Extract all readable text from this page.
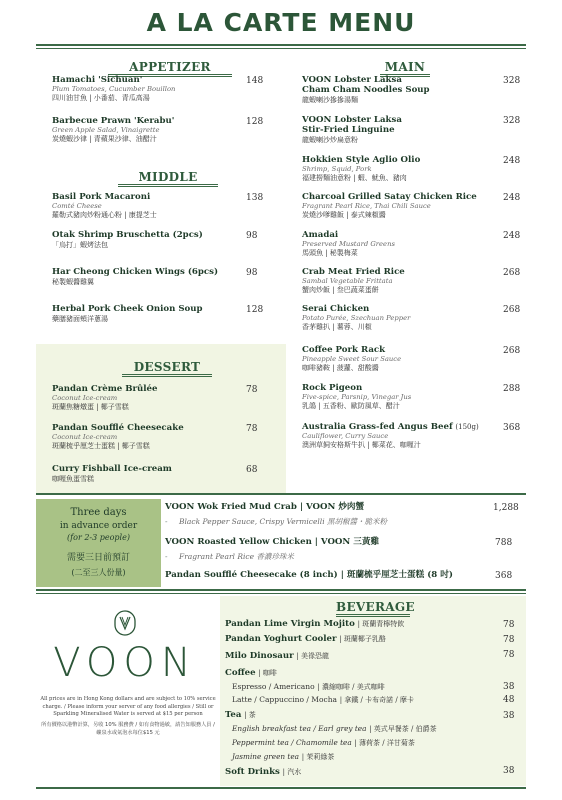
A LA CARTE MENU
APPETIZER
Hamachi 'Sichuan'
Plum Tomatoes, Cucumber Bouillon
四川油甘魚 | 小番茄、青瓜高湯
148
Barbecue Prawn 'Kerabu'
Green Apple Salad, Vinaigrette
炭燒蝦沙律 | 青蘋果沙律、油醋汁
128
MIDDLE
Basil Pork Macaroni
Comté Cheese
羅勒式豬肉炒粉通心粉 | 康提芝士
138
Otak Shrimp Bruschetta (2pcs)
「烏打」蝦烤法包
98
Har Cheong Chicken Wings (6pcs)
秘製蝦醬雞翼
98
Herbal Pork Cheek Onion Soup
藥膳豬面頰洋蔥湯
128
DESSERT
Pandan Crème Brûlée
Coconut Ice-cream
斑蘭焦糖燉蛋 | 椰子雪糕
78
Pandan Soufflé Cheesecake
Coconut Ice-cream
斑蘭梳乎厘芝士蛋糕 | 椰子雪糕
78
Curry Fishball Ice-cream
咖喱魚蛋雪糕
68
MAIN
VOON Lobster Laksa
Cham Cham Noodles Soup
龍蝦喇沙摻摻湯麵
328
VOON Lobster Laksa
Stir-Fried Linguine
龍蝦喇沙炒扁意粉
328
Hokkien Style Aglio Olio
Shrimp, Squid, Pork
福建撈麵油意粉 | 蝦、魷魚、豬肉
248
Charcoal Grilled Satay Chicken Rice
Fragrant Pearl Rice, Thai Chili Sauce
炭燒沙嗲雞飯 | 泰式辣椒醬
248
Amadai
Preserved Mustard Greens
馬頭魚 | 秘製梅菜
248
Crab Meat Fried Rice
Sambal Vegetable Frittata
蟹肉炒飯 | 叁巴蔬菜蛋餅
268
Serai Chicken
Potato Purée, Szechuan Pepper
香茅雞扒 | 薯蓉、川椒
268
Coffee Pork Rack
Pineapple Sweet Sour Sauce
咖啡豬鞍 | 菠蘿、甜酸醬
268
Rock Pigeon
Five-spice, Parsnip, Vinegar Jus
乳鴿 | 五香粉、歐防風草、醋汁
288
Australia Grass-fed Angus Beef (150g)
Cauliflower, Curry Sauce
澳洲草飼安格斯牛扒 | 椰菜花、咖喱汁
368
Three days
in advance order
(for 2-3 people)
需要三日前預訂
(二至三人份量)
VOON Wok Fried Mud Crab | VOON 炒肉蟹
- Black Pepper Sauce, Crispy Vermicelli 黑胡椒醬・脆米粉
1,288
VOON Roasted Yellow Chicken | VOON 三黃雞
- Fragrant Pearl Rice 香濃珍珠米
788
Pandan Soufflé Cheesecake (8 inch) | 斑蘭梳乎厘芝士蛋糕 (8 吋)	368
VOON
All prices are in Hong Kong dollars and are subject to 10% service charge. / Please inform your server of any food allergies / Still or Sparkling Mineralised Water is served at $15 per person
所有價格以港幣計算，另收 10% 服務費 / 如有食物過敏，請告知服務人員 / 礦泉水或氣泡水每位$15 元
BEVERAGE
Pandan Lime Virgin Mojito | 斑蘭青檸特飲	78
Pandan Yoghurt Cooler | 斑蘭椰子乳酪	78
Milo Dinosaur | 美祿恐龍	78
Coffee | 咖啡
Espresso / Americano | 濃縮咖啡 / 美式咖啡	38
Latte / Cappuccino / Mocha | 拿鐵 / 卡布奇諾 / 摩卡	48
Tea | 茶	38
English breakfast tea / Earl grey tea | 英式早餐茶 / 伯爵茶
Peppermint tea / Chamomile tea | 薄荷茶 / 洋甘菊茶
Jasmine green tea | 茉莉綠茶
Soft Drinks | 汽水	38
